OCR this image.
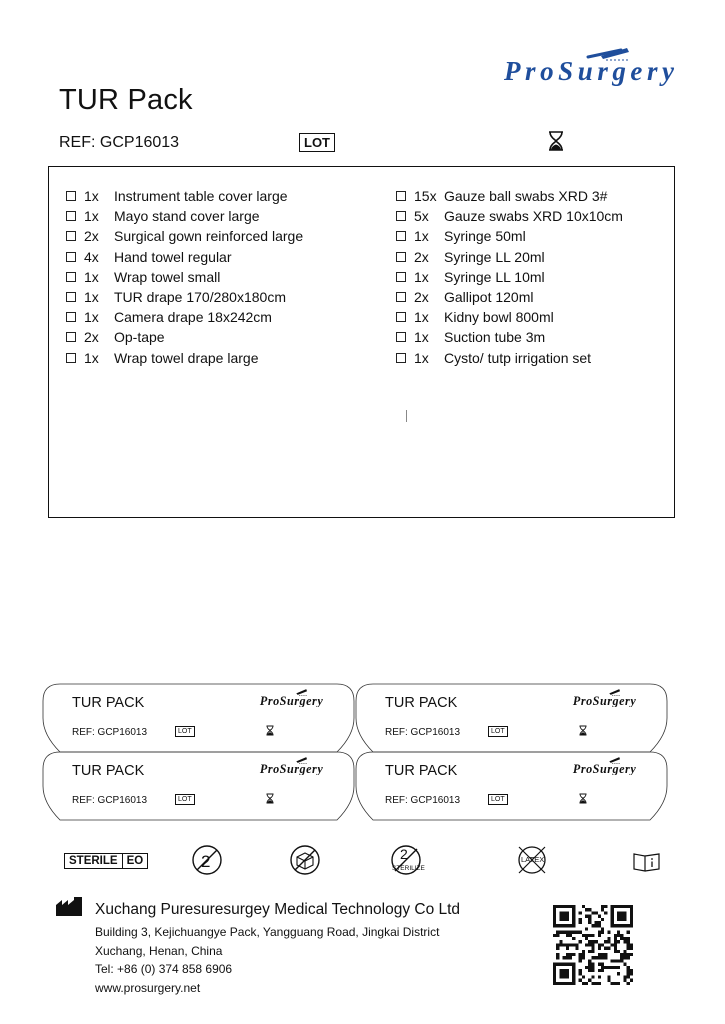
ProSurgery
TUR Pack
REF: GCP16013	LOT
1x	Instrument table cover large
1x	Mayo stand cover large
2x	Surgical gown reinforced large
4x	Hand towel regular
1x	Wrap towel small
1x	TUR drape 170/280x180cm
1x	Camera drape 18x242cm
2x	Op-tape
1x	Wrap towel drape large
15x Gauze ball swabs XRD 3#
5x	Gauze swabs XRD 10x10cm
1x	Syringe 50ml
2x	Syringe LL 20ml
1x	Syringe LL 10ml
2x	Gallipot 120ml
1x	Kidny bowl 800ml
1x	Suction tube 3m
1x	Cysto/ tutp irrigation set
TUR PACK
REF: GCP16013	LOT
ProSurgery	TUR PACK
REF: GCP16013	LOT
ProSurgery
TUR PACK
REF: GCP16013	LOT
ProSurgery	TUR PACK
REF: GCP16013	LOT
ProSurgery
STERILE EO	2	2
STERILIZE
LATEX
Xuchang Puresuresurgey Medical Technology Co Ltd
Building 3, Kejichuangye Pack, Yangguang Road, Jingkai District
Xuchang, Henan, China
Tel: +86 (0) 374 858 6906
www.prosurgery.net
